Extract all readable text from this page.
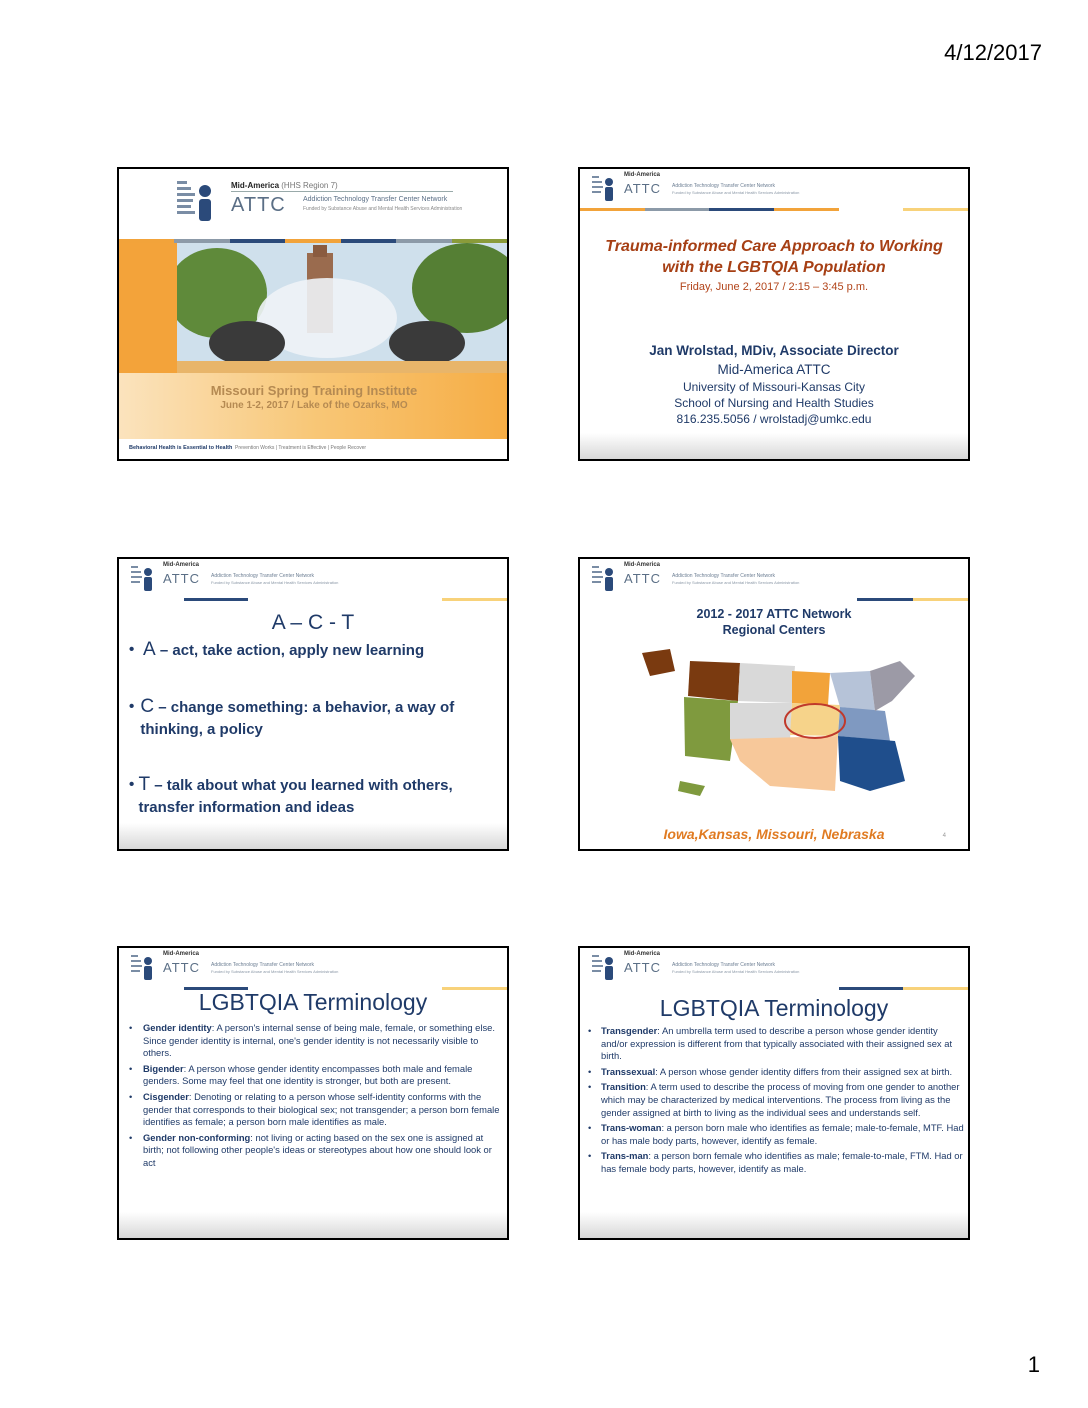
4/12/2017
Mid-America (HHS Region 7)
ATTC Addiction Technology Transfer Center Network
Funded by Substance Abuse and Mental Health Services Administration
Missouri Spring Training Institute
June 1-2, 2017 / Lake of the Ozarks, MO
Behavioral Health is Essential to Health Prevention Works | Treatment is Effective | People Recover
Mid-America
ATTC Addiction Technology Transfer Center Network
Funded by Substance Abuse and Mental Health Services Administration
Trauma-informed Care Approach to Working
with the LGBTQIA Population
Friday, June 2, 2017 / 2:15 – 3:45 p.m.
Jan Wrolstad, MDiv, Associate Director
Mid-America ATTC
University of Missouri-Kansas City
School of Nursing and Health Studies
816.235.5056 / wrolstadj@umkc.edu
Mid-America
ATTC Addiction Technology Transfer Center Network
Funded by Substance Abuse and Mental Health Services Administration
A – C - T
• A – act, take action, apply new learning
• C – change something: a behavior, a way of thinking, a policy
• T – talk about what you learned with others, transfer information and ideas
Mid-America
ATTC Addiction Technology Transfer Center Network
Funded by Substance Abuse and Mental Health Services Administration
2012 - 2017 ATTC Network
Regional Centers
Iowa,Kansas, Missouri, Nebraska	4
Mid-America
ATTC Addiction Technology Transfer Center Network
Funded by Substance Abuse and Mental Health Services Administration
LGBTQIA Terminology
•	Gender identity: A person's internal sense of being male, female, or something else. Since gender identity is internal, one's gender identity is not necessarily visible to others.
•	Bigender: A person whose gender identity encompasses both male and female genders. Some may feel that one identity is stronger, but both are present.
•	Cisgender: Denoting or relating to a person whose self-identity conforms with the gender that corresponds to their biological sex; not transgender; a person born female identifies as female; a person born male identifies as male.
•	Gender non-conforming: not living or acting based on the sex one is assigned at birth; not following other people's ideas or stereotypes about how one should look or act
Mid-America
ATTC Addiction Technology Transfer Center Network
Funded by Substance Abuse and Mental Health Services Administration
LGBTQIA Terminology
•	Transgender: An umbrella term used to describe a person whose gender identity and/or expression is different from that typically associated with their assigned sex at birth.
•	Transsexual: A person whose gender identity differs from their assigned sex at birth.
•	Transition: A term used to describe the process of moving from one gender to another which may be characterized by medical interventions. The process from living as the gender assigned at birth to living as the individual sees and understands self.
•	Trans-woman: a person born male who identifies as female; male-to-female, MTF. Had or has male body parts, however, identify as female.
•	Trans-man: a person born female who identifies as male; female-to-male, FTM. Had or has female body parts, however, identify as male.
1
